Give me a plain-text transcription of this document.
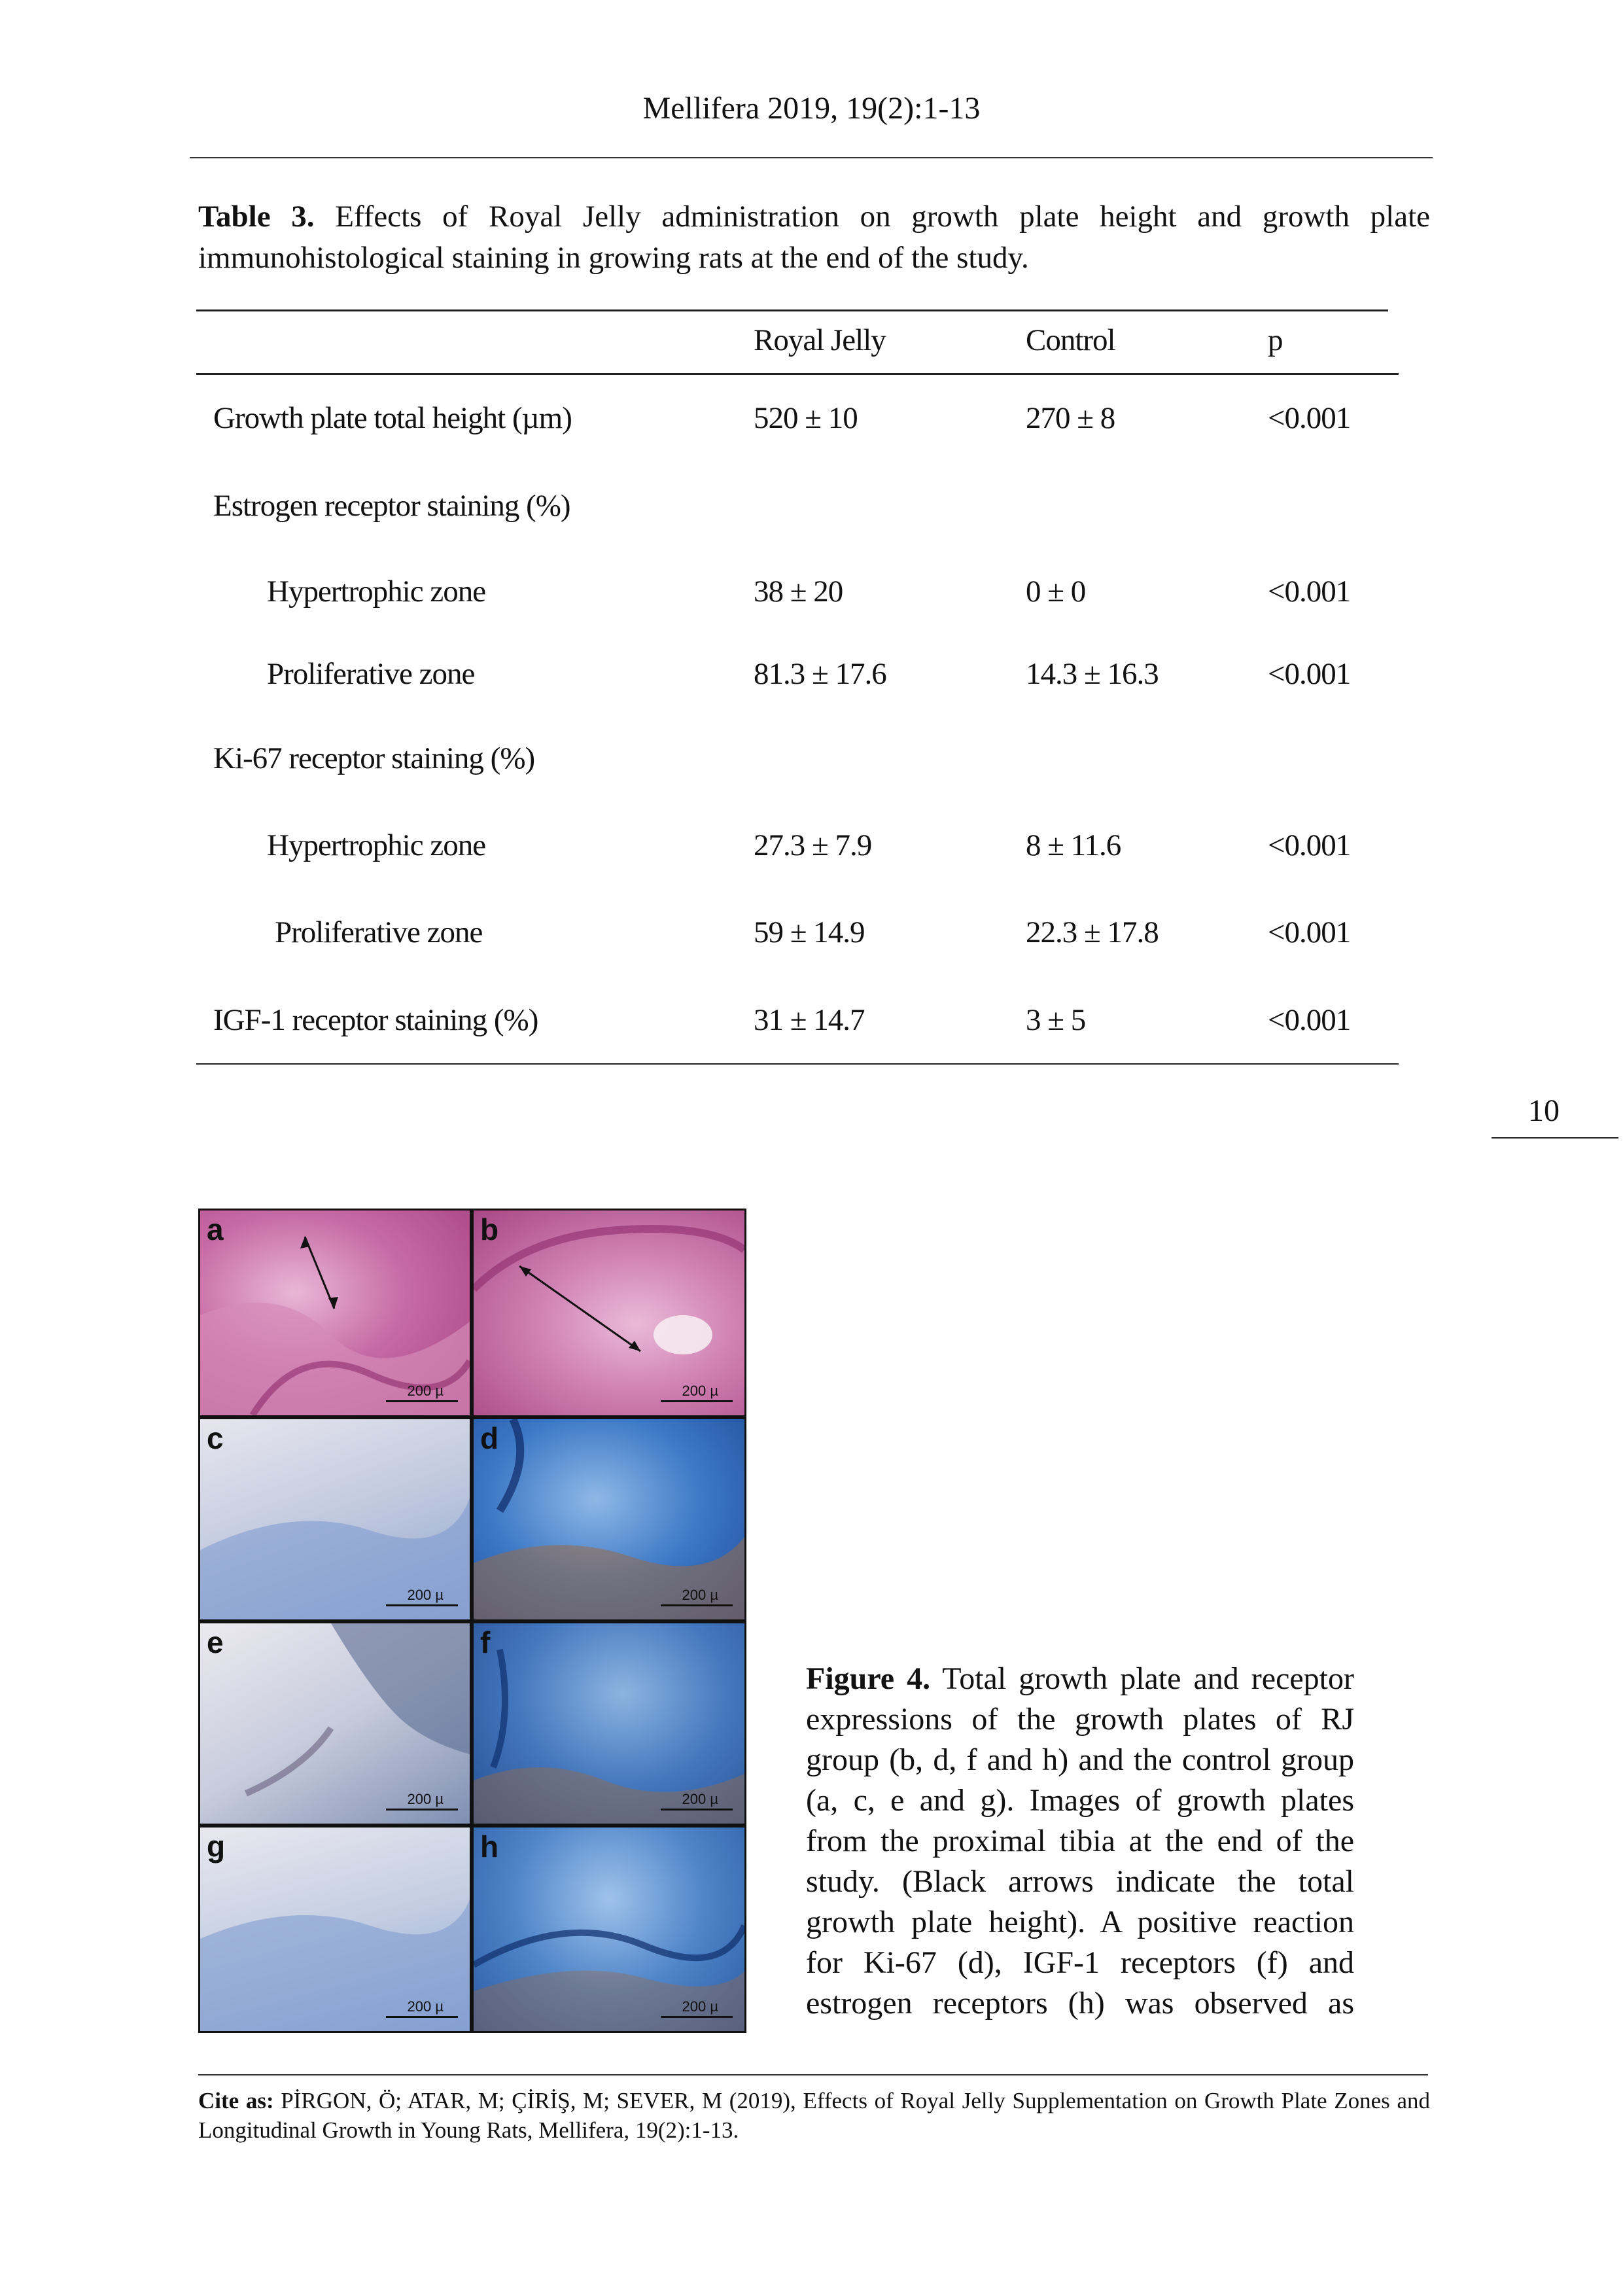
Mellifera 2019, 19(2):1-13
Table 3. Effects of Royal Jelly administration on growth plate height and growth plate immunohistological staining in growing rats at the end of the study.
Royal Jelly	Control	p
Growth plate total height (µm)	520 ± 10	270 ± 8	<0.001
Estrogen receptor staining (%)
Hypertrophic zone	38 ± 20	0 ± 0	<0.001
Proliferative zone	81.3 ± 17.6	14.3 ± 16.3	<0.001
Ki-67 receptor staining (%)
Hypertrophic zone	27.3 ± 7.9	8 ± 11.6	<0.001
Proliferative zone	59 ± 14.9	22.3 ± 17.8	<0.001
IGF-1 receptor staining (%)	31 ± 14.7	3 ± 5	<0.001
10
a
200 µ
b
200 µ
c
200 µ
d
200 µ
e
200 µ
f
200 µ
g
200 µ
h
200 µ
Figure 4. Total growth plate and receptor expressions of the growth plates of RJ group (b, d, f and h) and the control group (a, c, e and g). Images of growth plates from the proximal tibia at the end of the study. (Black arrows indicate the total growth plate height). A positive reaction for Ki-67 (d), IGF-1 receptors (f) and estrogen receptors (h) was observed as
Cite as: PİRGON, Ö; ATAR, M; ÇİRİŞ, M; SEVER, M (2019), Effects of Royal Jelly Supplementation on Growth Plate Zones and Longitudinal Growth in Young Rats, Mellifera, 19(2):1-13.
